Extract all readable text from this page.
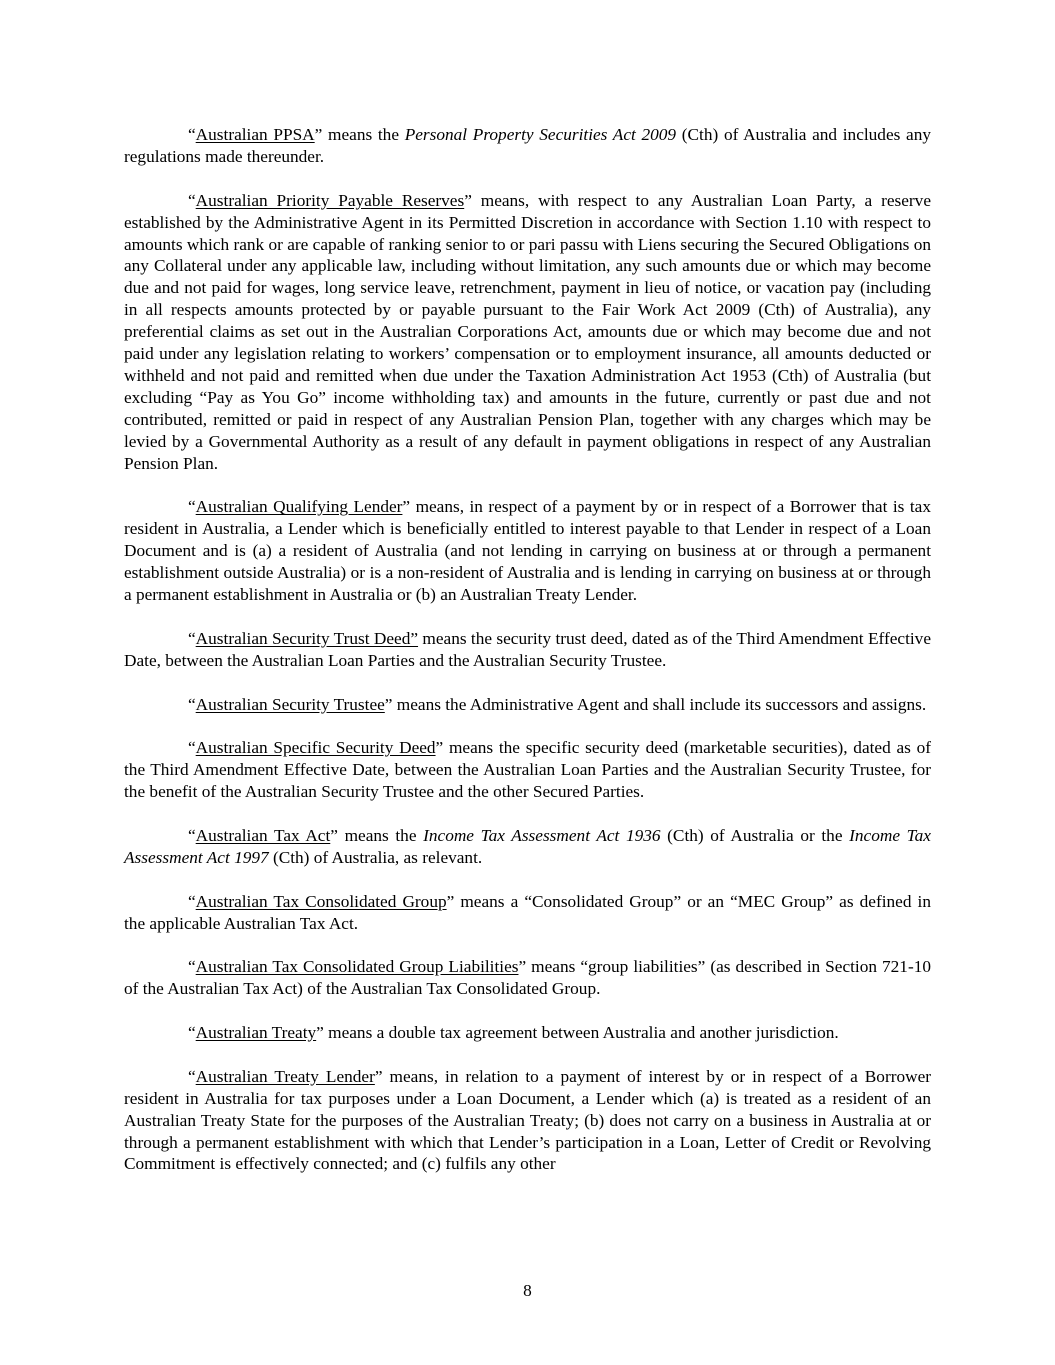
“Australian PPSA” means the Personal Property Securities Act 2009 (Cth) of Australia and includes any regulations made thereunder.

“Australian Priority Payable Reserves” means, with respect to any Australian Loan Party, a reserve established by the Administrative Agent in its Permitted Discretion in accordance with Section 1.10 with respect to amounts which rank or are capable of ranking senior to or pari passu with Liens securing the Secured Obligations on any Collateral under any applicable law, including without limitation, any such amounts due or which may become due and not paid for wages, long service leave, retrenchment, payment in lieu of notice, or vacation pay (including in all respects amounts protected by or payable pursuant to the Fair Work Act 2009 (Cth) of Australia), any preferential claims as set out in the Australian Corporations Act, amounts due or which may become due and not paid under any legislation relating to workers’ compensation or to employment insurance, all amounts deducted or withheld and not paid and remitted when due under the Taxation Administration Act 1953 (Cth) of Australia (but excluding “Pay as You Go” income withholding tax) and amounts in the future, currently or past due and not contributed, remitted or paid in respect of any Australian Pension Plan, together with any charges which may be levied by a Governmental Authority as a result of any default in payment obligations in respect of any Australian Pension Plan.

“Australian Qualifying Lender” means, in respect of a payment by or in respect of a Borrower that is tax resident in Australia, a Lender which is beneficially entitled to interest payable to that Lender in respect of a Loan Document and is (a) a resident of Australia (and not lending in carrying on business at or through a permanent establishment outside Australia) or is a non-resident of Australia and is lending in carrying on business at or through a permanent establishment in Australia or (b) an Australian Treaty Lender.

“Australian Security Trust Deed” means the security trust deed, dated as of the Third Amendment Effective Date, between the Australian Loan Parties and the Australian Security Trustee.

“Australian Security Trustee” means the Administrative Agent and shall include its successors and assigns.

“Australian Specific Security Deed” means the specific security deed (marketable securities), dated as of the Third Amendment Effective Date, between the Australian Loan Parties and the Australian Security Trustee, for the benefit of the Australian Security Trustee and the other Secured Parties.

“Australian Tax Act” means the Income Tax Assessment Act 1936 (Cth) of Australia or the Income Tax Assessment Act 1997 (Cth) of Australia, as relevant.

“Australian Tax Consolidated Group” means a “Consolidated Group” or an “MEC Group” as defined in the applicable Australian Tax Act.

“Australian Tax Consolidated Group Liabilities” means “group liabilities” (as described in Section 721-10 of the Australian Tax Act) of the Australian Tax Consolidated Group.

“Australian Treaty” means a double tax agreement between Australia and another jurisdiction.

“Australian Treaty Lender” means, in relation to a payment of interest by or in respect of a Borrower resident in Australia for tax purposes under a Loan Document, a Lender which (a) is treated as a resident of an Australian Treaty State for the purposes of the Australian Treaty; (b) does not carry on a business in Australia at or through a permanent establishment with which that Lender’s participation in a Loan, Letter of Credit or Revolving Commitment is effectively connected; and (c) fulfils any other

8
